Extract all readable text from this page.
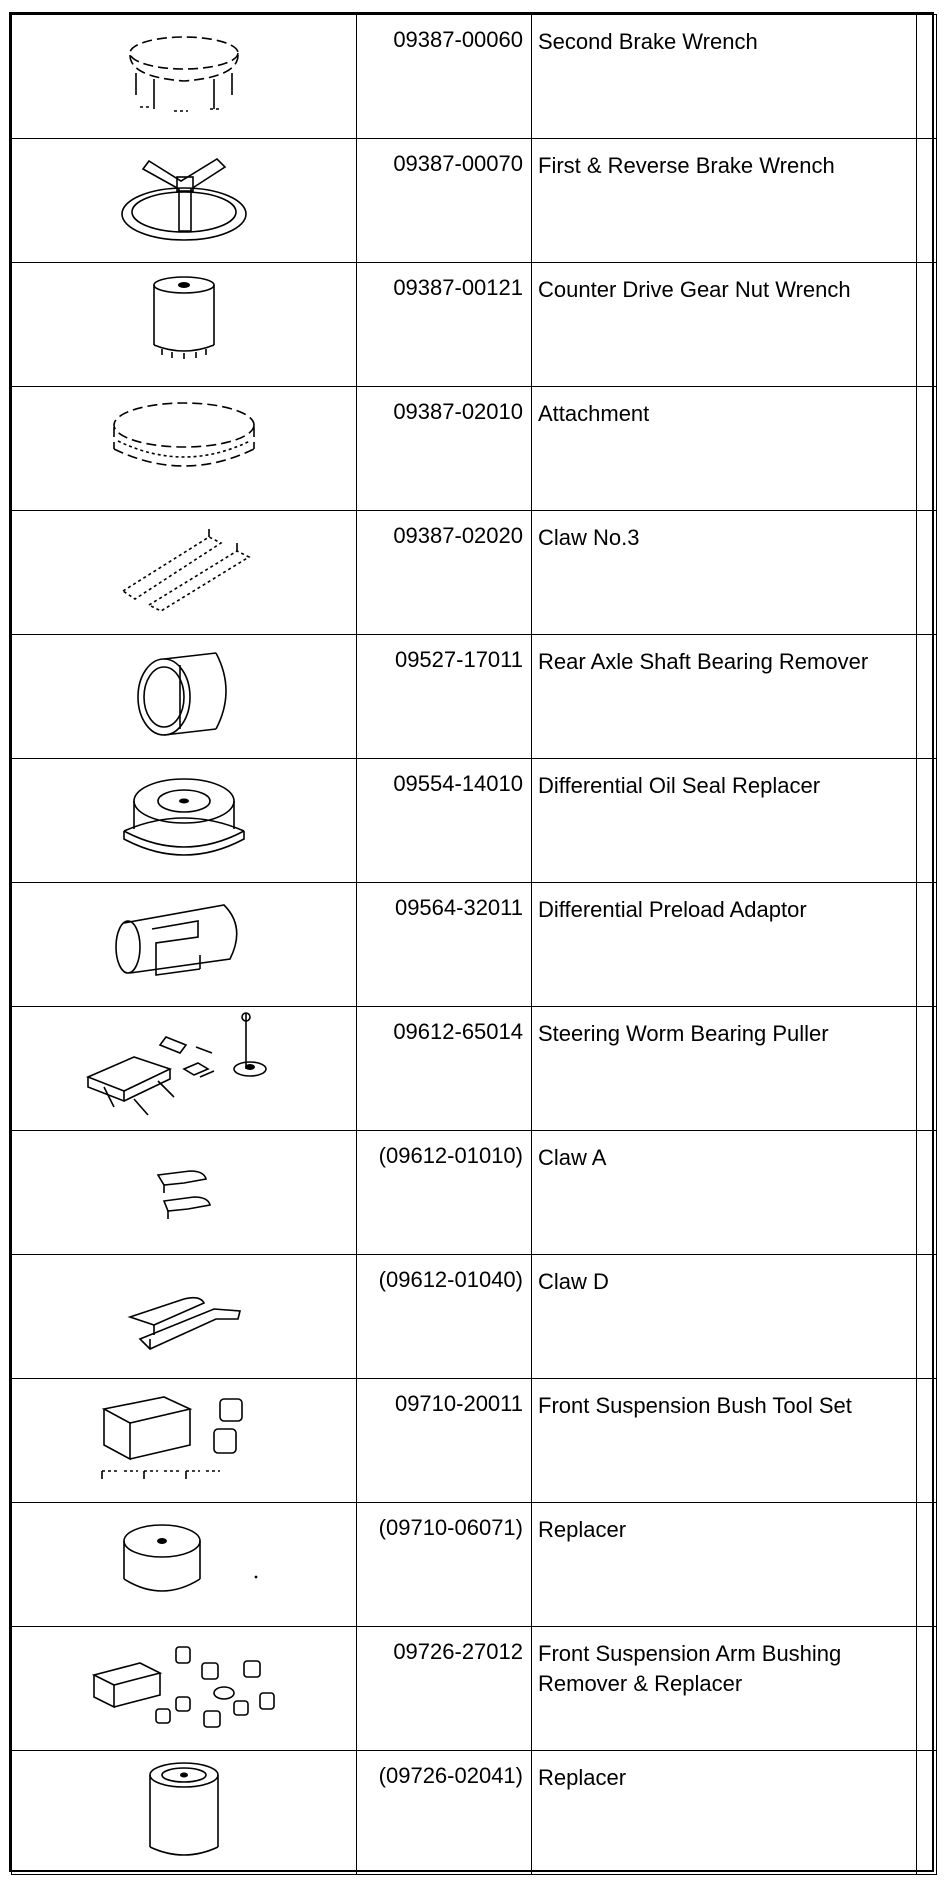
	09387-00060	Second Brake Wrench	

	09387-00070	First & Reverse Brake Wrench	

	09387-00121	Counter Drive Gear Nut Wrench	

	09387-02010	Attachment	

	09387-02020	Claw No.3	

	09527-17011	Rear Axle Shaft Bearing Remover	

	09554-14010	Differential Oil Seal Replacer	

	09564-32011	Differential Preload Adaptor	

	09612-65014	Steering Worm Bearing Puller	

	(09612-01010)	Claw A	

	(09612-01040)	Claw D	

	09710-20011	Front Suspension Bush Tool Set	

	(09710-06071)	Replacer	

	09726-27012	Front Suspension Arm Bushing Remover & Replacer	

	(09726-02041)	Replacer	
